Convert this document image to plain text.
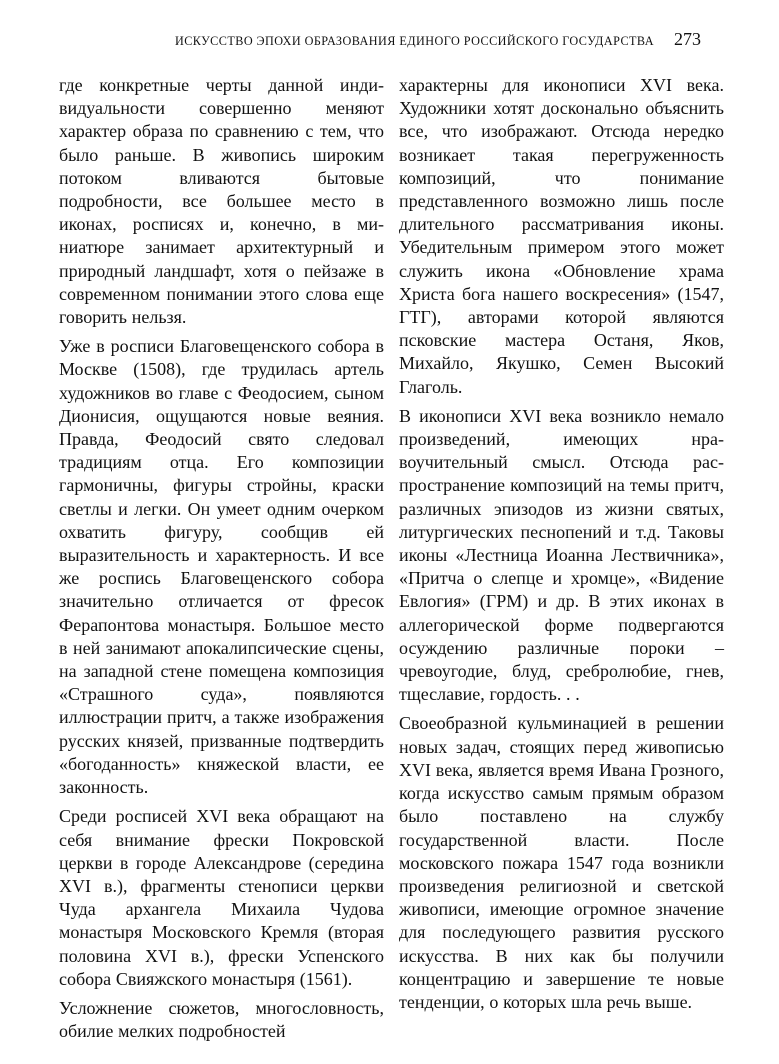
ИСКУССТВО ЭПОХИ ОБРАЗОВАНИЯ ЕДИНОГО РОССИЙСКОГО ГОСУДАРСТВА 273

где конкретные черты данной индивидуальности совершенно меняют характер образа по сравнению с тем, что было раньше. В живопись широким потоком вливаются бытовые подробности, все большее место в иконах, росписях и, конечно, в миниатюре занимает архитектурный и природный ландшафт, хотя о пейзаже в современном понимании этого слова еще говорить нельзя.

Уже в росписи Благовещенского собора в Москве (1508), где трудилась артель художников во главе с Феодосием, сыном Дионисия, ощущаются новые веяния. Правда, Феодосий свято следовал традициям отца. Его композиции гармоничны, фигуры стройны, краски светлы и легки. Он умеет одним очерком охватить фигуру, сообщив ей выразительность и характерность. И все же роспись Благовещенского собора значительно отличается от фресок Ферапонтова монастыря. Большое место в ней занимают апокалипсические сцены, на западной стене помещена композиция «Страшного суда», появляются иллюстрации притч, а также изображения русских князей, призванные подтвердить «богоданность» княжеской власти, ее законность.

Среди росписей XVI века обращают на себя внимание фрески Покровской церкви в городе Александрове (середина XVI в.), фрагменты стенописи церкви Чуда архангела Михаила Чудова монастыря Московского Кремля (вторая половина XVI в.), фрески Успенского собора Свияжского монастыря (1561).

Усложнение сюжетов, многословность, обилие мелких подробностей

характерны для иконописи XVI века. Художники хотят досконально объяснить все, что изображают. Отсюда нередко возникает такая перегруженность композиций, что понимание представленного возможно лишь после длительного рассматривания иконы. Убедительным примером этого может служить икона «Обновление храма Христа бога нашего воскресения» (1547, ГТГ), авторами которой являются псковские мастера Останя, Яков, Михайло, Якушко, Семен Высокий Глаголь.

В иконописи XVI века возникло немало произведений, имеющих нравоучительный смысл. Отсюда распространение композиций на темы притч, различных эпизодов из жизни святых, литургических песнопений и т.д. Таковы иконы «Лестница Иоанна Лествичника», «Притча о слепце и хромце», «Видение Евлогия» (ГРМ) и др. В этих иконах в аллегорической форме подвергаются осуждению различные пороки – чревоугодие, блуд, сребролюбие, гнев, тщеславие, гордость. . .

Своеобразной кульминацией в решении новых задач, стоящих перед живописью XVI века, является время Ивана Грозного, когда искусство самым прямым образом было поставлено на службу государственной власти. После московского пожара 1547 года возникли произведения религиозной и светской живописи, имеющие огромное значение для последующего развития русского искусства. В них как бы получили концентрацию и завершение те новые тенденции, о которых шла речь выше.
